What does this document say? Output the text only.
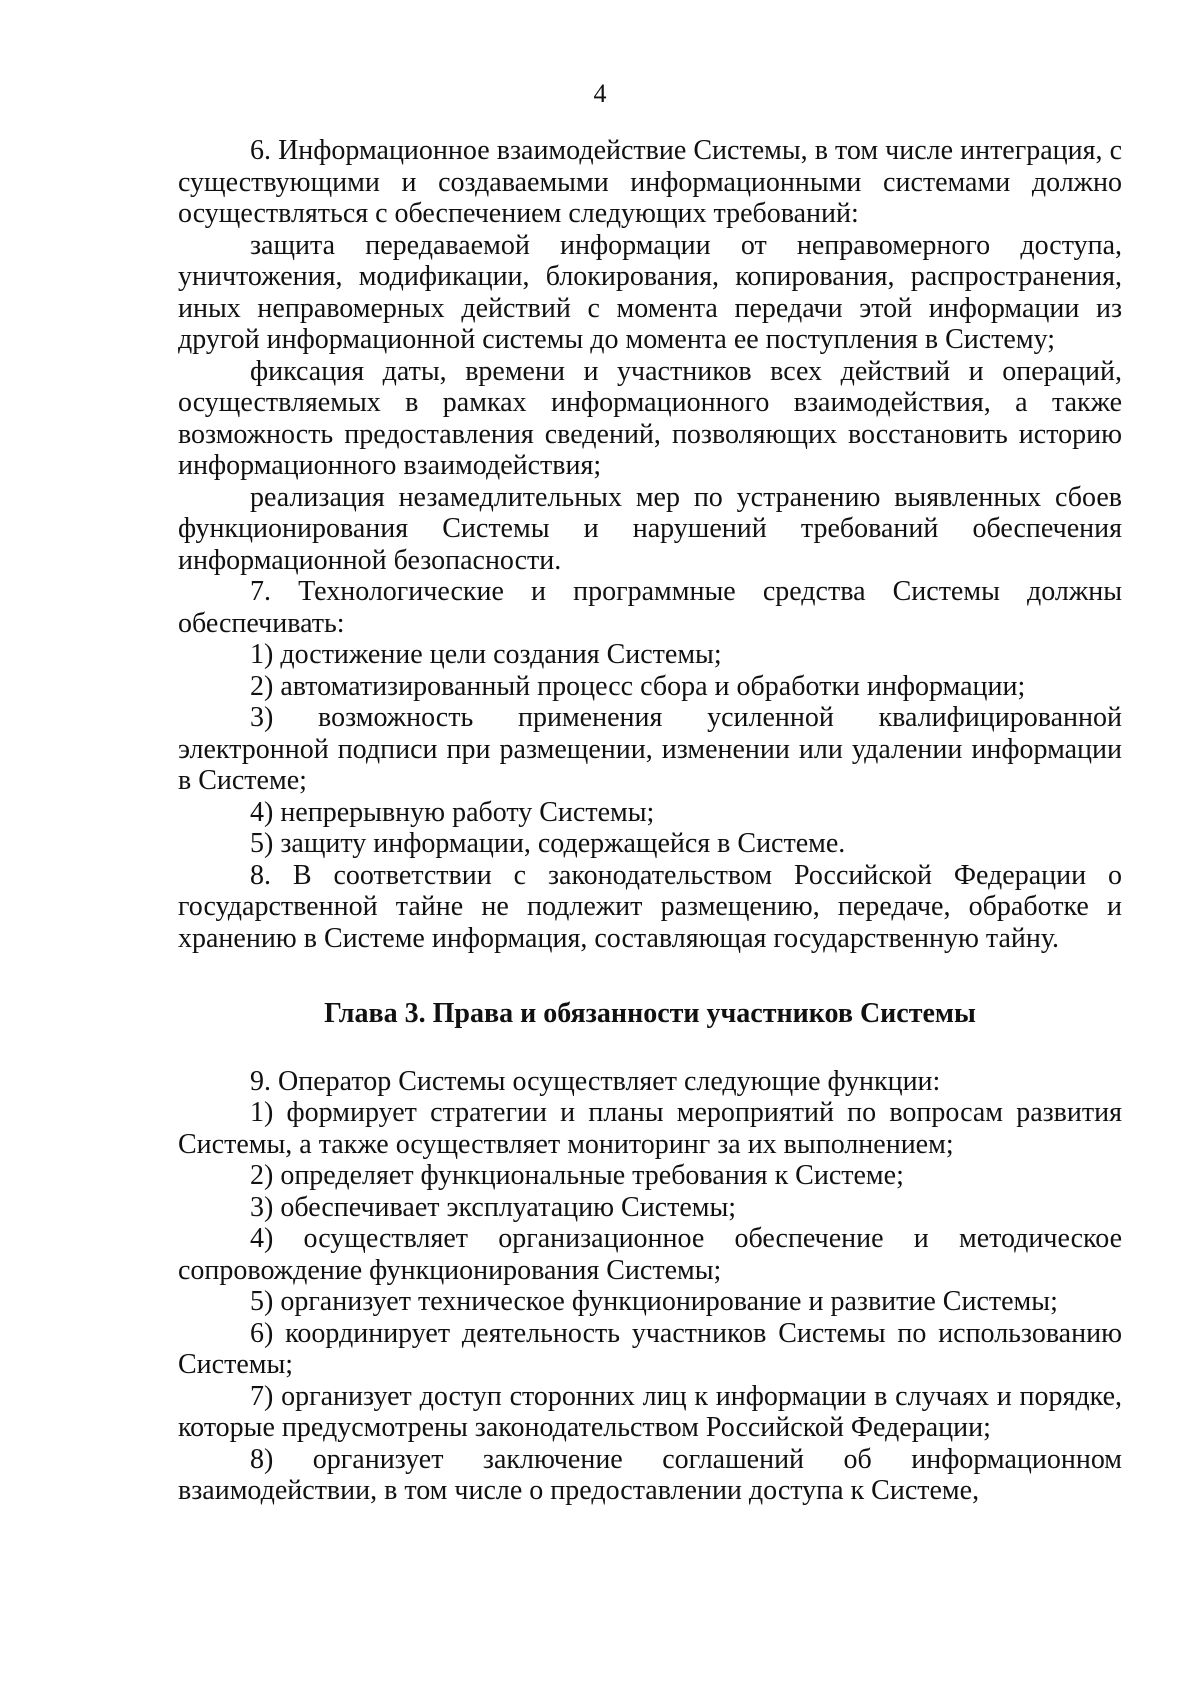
4

6. Информационное взаимодействие Системы, в том числе интеграция, с существующими и создаваемыми информационными системами должно осуществляться с обеспечением следующих требований:

защита передаваемой информации от неправомерного доступа, уничтожения, модификации, блокирования, копирования, распространения, иных неправомерных действий с момента передачи этой информации из другой информационной системы до момента ее поступления в Систему;

фиксация даты, времени и участников всех действий и операций, осуществляемых в рамках информационного взаимодействия, а также возможность предоставления сведений, позволяющих восстановить историю информационного взаимодействия;

реализация незамедлительных мер по устранению выявленных сбоев функционирования Системы и нарушений требований обеспечения информационной безопасности.

7. Технологические и программные средства Системы должны обеспечивать:

1) достижение цели создания Системы;

2) автоматизированный процесс сбора и обработки информации;

3) возможность применения усиленной квалифицированной электронной подписи при размещении, изменении или удалении информации в Системе;

4) непрерывную работу Системы;

5) защиту информации, содержащейся в Системе.

8. В соответствии с законодательством Российской Федерации о государственной тайне не подлежит размещению, передаче, обработке и хранению в Системе информация, составляющая государственную тайну.

Глава 3. Права и обязанности участников Системы

9. Оператор Системы осуществляет следующие функции:

1) формирует стратегии и планы мероприятий по вопросам развития Системы, а также осуществляет мониторинг за их выполнением;

2) определяет функциональные требования к Системе;

3) обеспечивает эксплуатацию Системы;

4) осуществляет организационное обеспечение и методическое сопровождение функционирования Системы;

5) организует техническое функционирование и развитие Системы;

6) координирует деятельность участников Системы по использованию Системы;

7) организует доступ сторонних лиц к информации в случаях и порядке, которые предусмотрены законодательством Российской Федерации;

8) организует заключение соглашений об информационном взаимодействии, в том числе о предоставлении доступа к Системе,
